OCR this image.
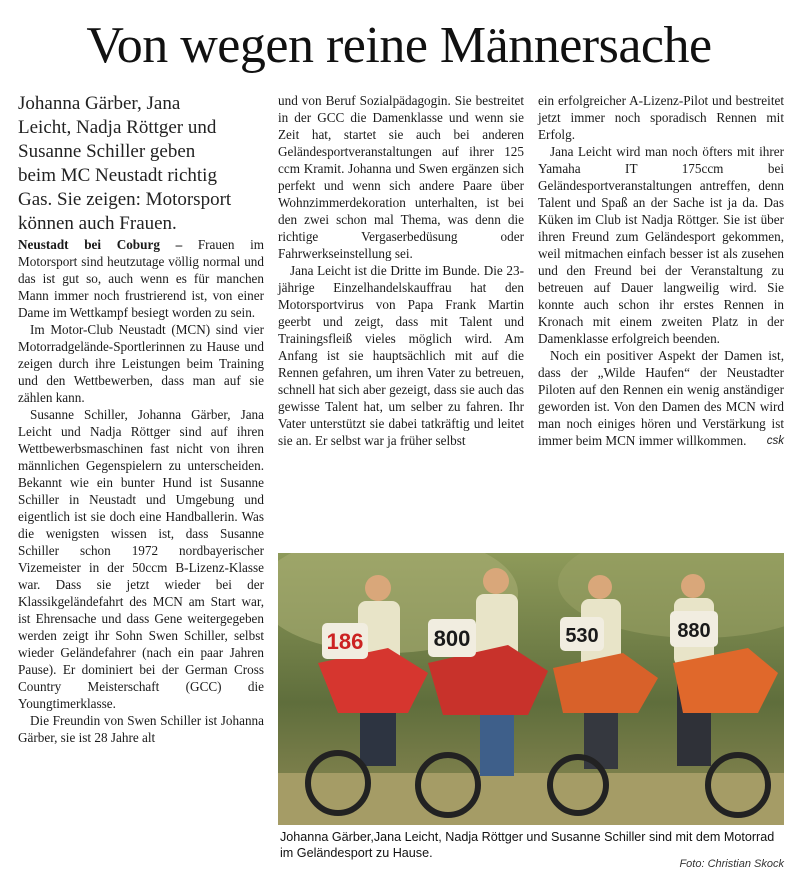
Von wegen reine Männersache

Johanna Gärber, Jana
Leicht, Nadja Röttger und
Susanne Schiller geben
beim MC Neustadt richtig
Gas. Sie zeigen: Motorsport
können auch Frauen.

Neustadt bei Coburg – Frauen im Motorsport sind heutzutage völlig normal und das ist gut so, auch wenn es für manchen Mann immer noch frustrierend ist, von einer Dame im Wettkampf besiegt worden zu sein.

Im Motor-Club Neustadt (MCN) sind vier Motorradgelände-Sportlerinnen zu Hause und zeigen durch ihre Leistungen beim Training und den Wettbewerben, dass man auf sie zählen kann.

Susanne Schiller, Johanna Gärber, Jana Leicht und Nadja Röttger sind auf ihren Wettbewerbsmaschinen fast nicht von ihren männlichen Gegenspielern zu unterscheiden. Bekannt wie ein bunter Hund ist Susanne Schiller in Neustadt und Umgebung und eigentlich ist sie doch eine Handballerin. Was die wenigsten wissen ist, dass Susanne Schiller schon 1972 nordbayerischer Vizemeister in der 50ccm B-Lizenz-Klasse war. Dass sie jetzt wieder bei der Klassikgeländefahrt des MCN am Start war, ist Ehrensache und dass Gene weitergegeben werden zeigt ihr Sohn Swen Schiller, selbst wieder Geländefahrer (nach ein paar Jahren Pause). Er dominiert bei der German Cross Country Meisterschaft (GCC) die Youngtimerklasse.

Die Freundin von Swen Schiller ist Johanna Gärber, sie ist 28 Jahre alt

und von Beruf Sozialpädagogin. Sie bestreitet in der GCC die Damenklasse und wenn sie Zeit hat, startet sie auch bei anderen Geländesportveranstaltungen auf ihrer 125 ccm Kramit. Johanna und Swen ergänzen sich perfekt und wenn sich andere Paare über Wohnzimmerdekoration unterhalten, ist bei den zwei schon mal Thema, was denn die richtige Vergaserbedüsung oder Fahrwerkseinstellung sei.

Jana Leicht ist die Dritte im Bunde. Die 23-jährige Einzelhandelskauffrau hat den Motorsportvirus von Papa Frank Martin geerbt und zeigt, dass mit Talent und Trainingsfleiß vieles möglich wird. Am Anfang ist sie hauptsächlich mit auf die Rennen gefahren, um ihren Vater zu betreuen, schnell hat sich aber gezeigt, dass sie auch das gewisse Talent hat, um selber zu fahren. Ihr Vater unterstützt sie dabei tatkräftig und leitet sie an. Er selbst war ja früher selbst

ein erfolgreicher A-Lizenz-Pilot und bestreitet jetzt immer noch sporadisch Rennen mit Erfolg.

Jana Leicht wird man noch öfters mit ihrer Yamaha IT 175ccm bei Geländesportveranstaltungen antreffen, denn Talent und Spaß an der Sache ist ja da. Das Küken im Club ist Nadja Röttger. Sie ist über ihren Freund zum Geländesport gekommen, weil mitmachen einfach besser ist als zusehen und den Freund bei der Veranstaltung zu betreuen auf Dauer langweilig wird. Sie konnte auch schon ihr erstes Rennen in Kronach mit einem zweiten Platz in der Damenklasse erfolgreich beenden.

Noch ein positiver Aspekt der Damen ist, dass der „Wilde Haufen“ der Neustadter Piloten auf den Rennen ein wenig anständiger geworden ist. Von den Damen des MCN wird man noch einiges hören und Verstärkung ist immer beim MCN immer willkommen.	csk
186	800	530	880
Johanna Gärber,Jana Leicht, Nadja Röttger und Susanne Schiller sind mit dem Motorrad im Geländesport zu Hause.
Foto: Christian Skock
